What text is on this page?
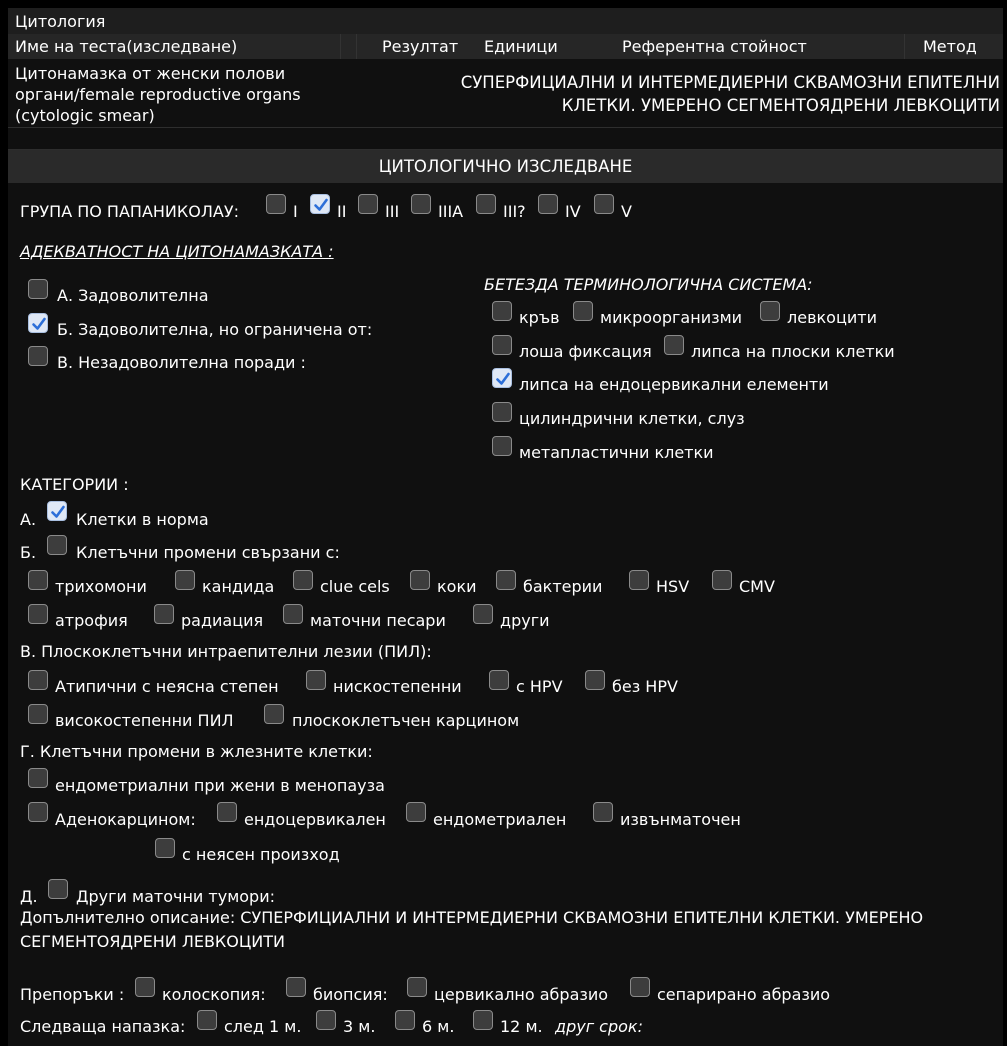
Цитология
Име на теста(изследване)	Резултат Единици	Референтна стойност	Метод
Цитонамазка от женски полови
органи/female reproductive organs
(cytologic smear)
СУПЕРФИЦИАЛНИ И ИНТЕРМЕДИЕРНИ СКВАМОЗНИ ЕПИТЕЛНИ
КЛЕТКИ. УМЕРЕНО СЕГМЕНТОЯДРЕНИ ЛЕВКОЦИТИ
ЦИТОЛОГИЧНО ИЗСЛЕДВАНЕ
ГРУПА ПО ПАПАНИКОЛАУ:	I II III IIIA III? IV	V
АДЕКВАТНОСТ НА ЦИТОНАМАЗКАТА :
А. Задоволителна
Б. Задоволителна, но ограничена от:
В. Незадоволителна поради :
БЕТЕЗДА ТЕРМИНОЛОГИЧНА СИСТЕМА:
кръв	микроорганизми	левкоцити
лоша фиксация липса на плоски клетки
липса на ендоцервикални елементи
цилиндрични клетки, слуз
метапластични клетки
КАТЕГОРИИ :
А. Клетки в норма
Б. Клетъчни промени свързани с:
трихомони	кандида	clue cels	коки	бактерии	HSV	CMV
атрофия	радиация	маточни песари	други
В. Плоскоклетъчни интраепителни лезии (ПИЛ):
Атипични с неясна степен	нискостепенни	с HPV	без HPV
високостепенни ПИЛ	плоскоклетъчен карцином
Г. Клетъчни промени в жлезните клетки:
ендометриални при жени в менопауза
Аденокарцином:	ендоцервикален	ендометриален	извънматочен
с неясен произход
Д. Други маточни тумори:
Допълнително описание: СУПЕРФИЦИАЛНИ И ИНТЕРМЕДИЕРНИ СКВАМОЗНИ ЕПИТЕЛНИ КЛЕТКИ. УМЕРЕНО
СЕГМЕНТОЯДРЕНИ ЛЕВКОЦИТИ
Препоръки : колоскопия:	биопсия:	цервикално абразио	сепарирано абразио
Следваща напазка: след 1 м.	3 м.	6 м.	12 м. друг срок:
